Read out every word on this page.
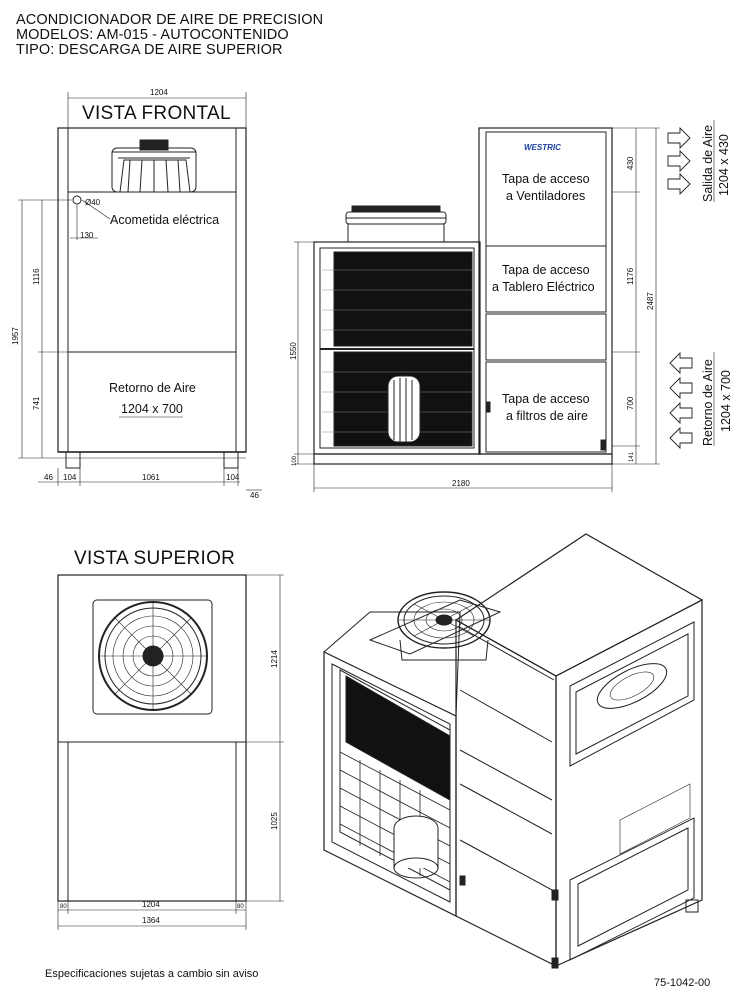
ACONDICIONADOR DE AIRE DE PRECISION
MODELOS: AM-015 - AUTOCONTENIDO
TIPO: DESCARGA DE AIRE SUPERIOR
1204
Ø40
130
Acometida eléctrica
Retorno de Aire
1204 x 700
1116
1957
741
46 104	1061	104
46
WESTRIC
Tapa de acceso
a Ventiladores
Tapa de acceso
a Tablero Eléctrico
Tapa de acceso
a filtros de aire
1550
100
2180
430
1176
700
141
2487
Salida de Aire 1204 x 430
Retorno de Aire 1204 x 700
1214
1025
1204
1364
80	80
VISTA FRONTAL
VISTA SUPERIOR
Especificaciones sujetas a cambio sin aviso
75-1042-00
